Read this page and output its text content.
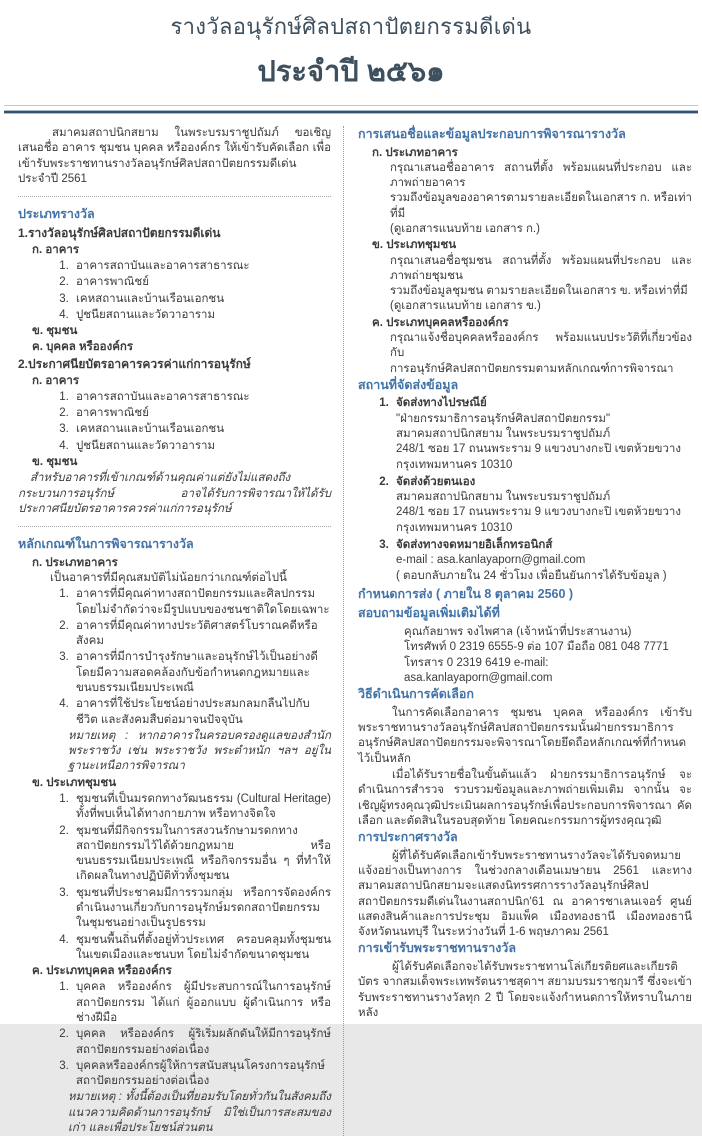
รางวัลอนุรักษ์ศิลปสถาปัตยกรรมดีเด่น
ประจำปี ๒๕๖๑

สมาคมสถาปนิกสยาม ในพระบรมราชูปถัมภ์ ขอเชิญเสนอชื่อ อาคาร ชุมชน บุคคล หรือองค์กร ให้เข้ารับคัดเลือก เพื่อเข้ารับพระราชทานรางวัลอนุรักษ์ศิลปสถาปัตยกรรมดีเด่น ประจำปี 2561

ประเภทรางวัล
1.รางวัลอนุรักษ์ศิลปสถาปัตยกรรมดีเด่น
ก. อาคาร
1. อาคารสถาบันและอาคารสาธารณะ
2. อาคารพาณิชย์
3. เคหสถานและบ้านเรือนเอกชน
4. ปูชนียสถานและวัดวาอาราม
ข. ชุมชน
ค. บุคคล หรือองค์กร
2.ประกาศนียบัตรอาคารควรค่าแก่การอนุรักษ์
ก. อาคาร
1. อาคารสถาบันและอาคารสาธารณะ
2. อาคารพาณิชย์
3. เคหสถานและบ้านเรือนเอกชน
4. ปูชนียสถานและวัดวาอาราม
ข. ชุมชน
สำหรับอาคารที่เข้าเกณฑ์ด้านคุณค่าแต่ยังไม่แสดงถึงกระบวนการอนุรักษ์ อาจได้รับการพิจารณาให้ได้รับประกาศนียบัตรอาคารควรค่าแก่การอนุรักษ์
หลักเกณฑ์ในการพิจารณารางวัล
ก. ประเภทอาคาร
เป็นอาคารที่มีคุณสมบัติไม่น้อยกว่าเกณฑ์ต่อไปนี้
1. อาคารที่มีคุณค่าทางสถาปัตยกรรมและศิลปกรรม โดยไม่จำกัดว่าจะมีรูปแบบของชนชาติใดโดยเฉพาะ
2. อาคารที่มีคุณค่าทางประวัติศาสตร์โบราณคดีหรือสังคม
3. อาคารที่มีการบำรุงรักษาและอนุรักษ์ไว้เป็นอย่างดี โดยมีความสอดคล้องกับข้อกำหนดกฎหมายและขนบธรรมเนียมประเพณี
4. อาคารที่ใช้ประโยชน์อย่างประสมกลมกลืนไปกับชีวิต และสังคมสืบต่อมาจนปัจจุบัน
หมายเหตุ : หากอาคารในครอบครองดูแลของสำนักพระราชวัง เช่น พระราชวัง พระตำหนัก ฯลฯ อยู่ในฐานะเหนือการพิจารณา
ข. ประเภทชุมชน
1. ชุมชนที่เป็นมรดกทางวัฒนธรรม (Cultural Heritage) ทั้งที่พบเห็นได้ทางกายภาพ หรือทางจิตใจ
2. ชุมชนที่มีกิจกรรมในการสงวนรักษามรดกทางสถาปัตยกรรมไว้ได้ด้วยกฎหมาย หรือขนบธรรมเนียมประเพณี หรือกิจกรรมอื่น ๆ ที่ทำให้เกิดผลในทางปฏิบัติทั่วทั้งชุมชน
3. ชุมชนที่ประชาคมมีการรวมกลุ่ม หรือการจัดองค์กร ดำเนินงานเกี่ยวกับการอนุรักษ์มรดกสถาปัตยกรรมในชุมชนอย่างเป็นรูปธรรม
4. ชุมชนพื้นถิ่นที่ตั้งอยู่ทั่วประเทศ ครอบคลุมทั้งชุมชนในเขตเมืองและชนบท โดยไม่จำกัดขนาดชุมชน
ค. ประเภทบุคคล หรือองค์กร
1. บุคคล หรือองค์กร ผู้มีประสบการณ์ในการอนุรักษ์สถาปัตยกรรม ได้แก่ ผู้ออกแบบ ผู้ดำเนินการ หรือช่างฝีมือ
2. บุคคล หรือองค์กร ผู้ริเริ่มผลักดันให้มีการอนุรักษ์สถาปัตยกรรมอย่างต่อเนื่อง
3. บุคคลหรือองค์กรผู้ให้การสนับสนุนโครงการอนุรักษ์สถาปัตยกรรมอย่างต่อเนื่อง
หมายเหตุ : ทั้งนี้ต้องเป็นที่ยอมรับโดยทั่วกันในสังคมถึงแนวความคิดด้านการอนุรักษ์ มิใช่เป็นการสะสมของเก่า และเพื่อประโยชน์ส่วนตน
การเสนอชื่อและข้อมูลประกอบการพิจารณารางวัล
ก. ประเภทอาคาร
กรุณาเสนอชื่ออาคาร สถานที่ตั้ง พร้อมแผนที่ประกอบ และภาพถ่ายอาคาร
รวมถึงข้อมูลของอาคารตามรายละเอียดในเอกสาร ก. หรือเท่าที่มี
(ดูเอกสารแนบท้าย เอกสาร ก.)
ข. ประเภทชุมชน
กรุณาเสนอชื่อชุมชน สถานที่ตั้ง พร้อมแผนที่ประกอบ และภาพถ่ายชุมชน
รวมถึงข้อมูลชุมชน ตามรายละเอียดในเอกสาร ข. หรือเท่าที่มี
(ดูเอกสารแนบท้าย เอกสาร ข.)
ค. ประเภทบุคคลหรือองค์กร
กรุณาแจ้งชื่อบุคคลหรือองค์กร พร้อมแนบประวัติที่เกี่ยวข้องกับ
การอนุรักษ์ศิลปสถาปัตยกรรมตามหลักเกณฑ์การพิจารณา
สถานที่จัดส่งข้อมูล
1. จัดส่งทางไปรษณีย์
"ฝ่ายกรรมาธิการอนุรักษ์ศิลปสถาปัตยกรรม"
สมาคมสถาปนิกสยาม ในพระบรมราชูปถัมภ์
248/1 ซอย 17 ถนนพระราม 9 แขวงบางกะปิ เขตห้วยขวาง
กรุงเทพมหานคร 10310
2. จัดส่งด้วยตนเอง
สมาคมสถาปนิกสยาม ในพระบรมราชูปถัมภ์
248/1 ซอย 17 ถนนพระราม 9 แขวงบางกะปิ เขตห้วยขวาง
กรุงเทพมหานคร 10310
3. จัดส่งทางจดหมายอิเล็กทรอนิกส์
e-mail : asa.kanlayaporn@gmail.com
( ตอบกลับภายใน 24 ชั่วโมง เพื่อยืนยันการได้รับข้อมูล )
กำหนดการส่ง ( ภายใน 8 ตุลาคม 2560 )
สอบถามข้อมูลเพิ่มเติมได้ที่
คุณกัลยาพร จงไพศาล (เจ้าหน้าที่ประสานงาน)
โทรศัพท์ 0 2319 6555-9 ต่อ 107 มือถือ 081 048 7771
โทรสาร 0 2319 6419 e-mail: asa.kanlayaporn@gmail.com
วิธีดำเนินการคัดเลือก

ในการคัดเลือกอาคาร ชุมชน บุคคล หรือองค์กร เข้ารับพระราชทานรางวัลอนุรักษ์ศิลปสถาปัตยกรรมนั้นฝ่ายกรรมาธิการอนุรักษ์ศิลปสถาปัตยกรรมจะพิจารณาโดยยึดถือหลักเกณฑ์ที่กำหนดไว้เป็นหลัก

เมื่อได้รับรายชื่อในขั้นต้นแล้ว ฝ่ายกรรมาธิการอนุรักษ์ จะดำเนินการสำรวจ รวบรวมข้อมูลและภาพถ่ายเพิ่มเติม จากนั้น จะเชิญผู้ทรงคุณวุฒิประเมินผลการอนุรักษ์เพื่อประกอบการพิจารณา คัดเลือก และตัดสินในรอบสุดท้าย โดยคณะกรรมการผู้ทรงคุณวุฒิ

การประกาศรางวัล

ผู้ที่ได้รับคัดเลือกเข้ารับพระราชทานรางวัลจะได้รับจดหมายแจ้งอย่างเป็นทางการ ในช่วงกลางเดือนเมษายน 2561 และทางสมาคมสถาปนิกสยามจะแสดงนิทรรศการรางวัลอนุรักษ์ศิลปสถาปัตยกรรมดีเด่นในงานสถาปนิก'61 ณ อาคารชาเลนเจอร์ ศูนย์แสดงสินค้าและการประชุม อิมแพ็ค เมืองทองธานี เมืองทองธานี จังหวัดนนทบุรี ในระหว่างวันที่ 1-6 พฤษภาคม 2561

การเข้ารับพระราชทานรางวัล

ผู้ได้รับคัดเลือกจะได้รับพระราชทานโล่เกียรติยศและเกียรติบัตร จากสมเด็จพระเทพรัตนราชสุดาฯ สยามบรมราชกุมารี ซึ่งจะเข้ารับพระราชทานรางวัลทุก 2 ปี โดยจะแจ้งกำหนดการให้ทราบในภายหลัง
